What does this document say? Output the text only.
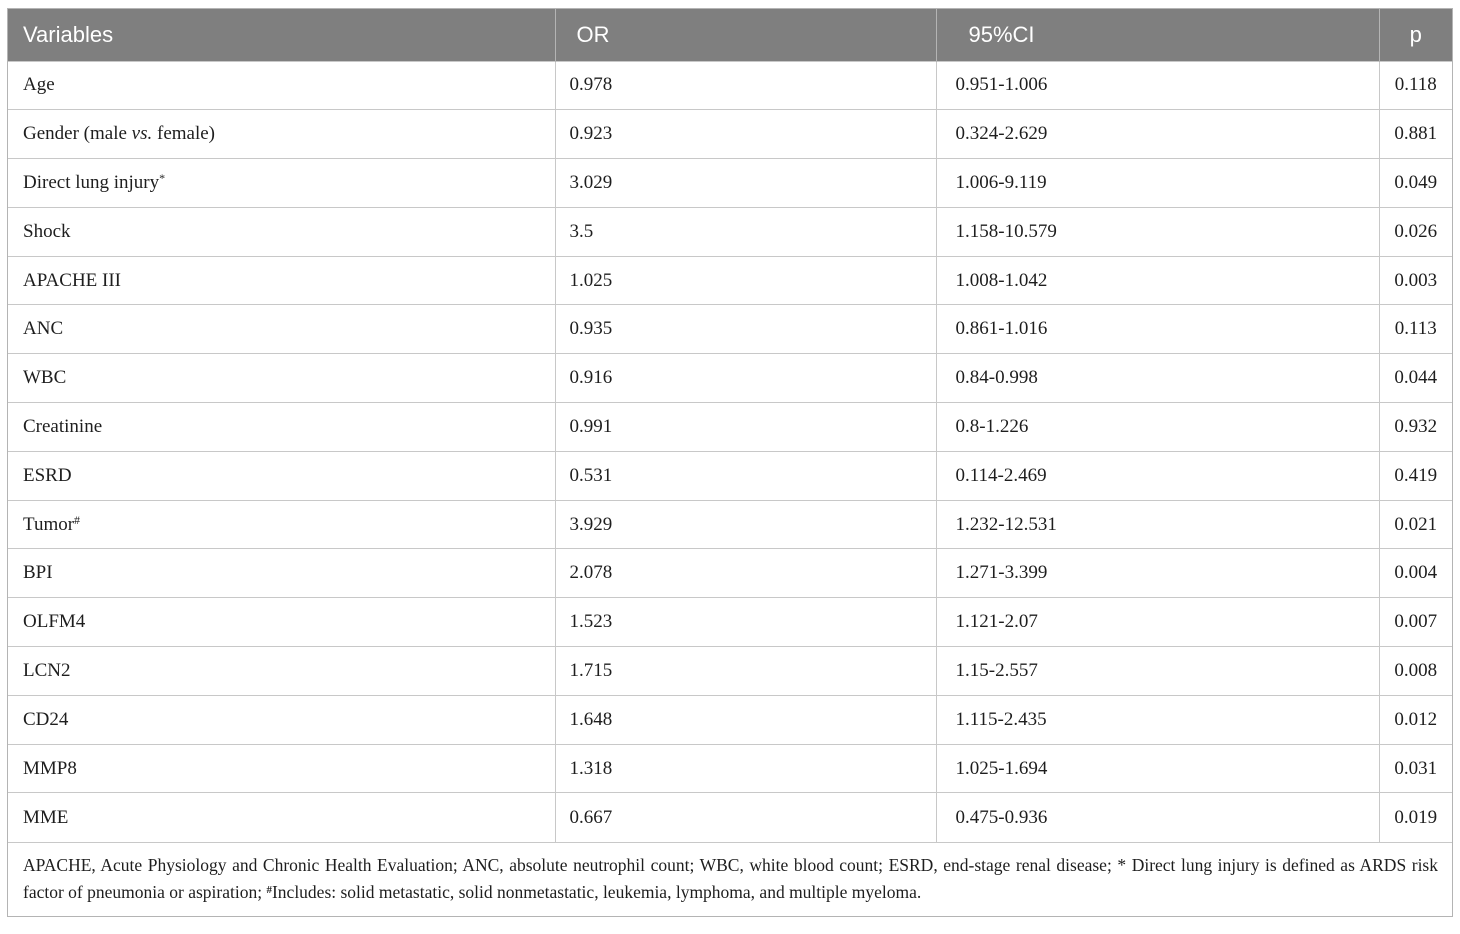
Variables	OR	95%CI	p
Age	0.978	0.951-1.006	0.118
Gender (male vs. female)	0.923	0.324-2.629	0.881
Direct lung injury*	3.029	1.006-9.119	0.049
Shock	3.5	1.158-10.579	0.026
APACHE III	1.025	1.008-1.042	0.003
ANC	0.935	0.861-1.016	0.113
WBC	0.916	0.84-0.998	0.044
Creatinine	0.991	0.8-1.226	0.932
ESRD	0.531	0.114-2.469	0.419
Tumor#	3.929	1.232-12.531	0.021
BPI	2.078	1.271-3.399	0.004
OLFM4	1.523	1.121-2.07	0.007
LCN2	1.715	1.15-2.557	0.008
CD24	1.648	1.115-2.435	0.012
MMP8	1.318	1.025-1.694	0.031
MME	0.667	0.475-0.936	0.019
APACHE, Acute Physiology and Chronic Health Evaluation; ANC, absolute neutrophil count; WBC, white blood count; ESRD, end-stage renal disease; * Direct lung injury is defined as ARDS risk factor of pneumonia or aspiration; #Includes: solid metastatic, solid nonmetastatic, leukemia, lymphoma, and multiple myeloma.
